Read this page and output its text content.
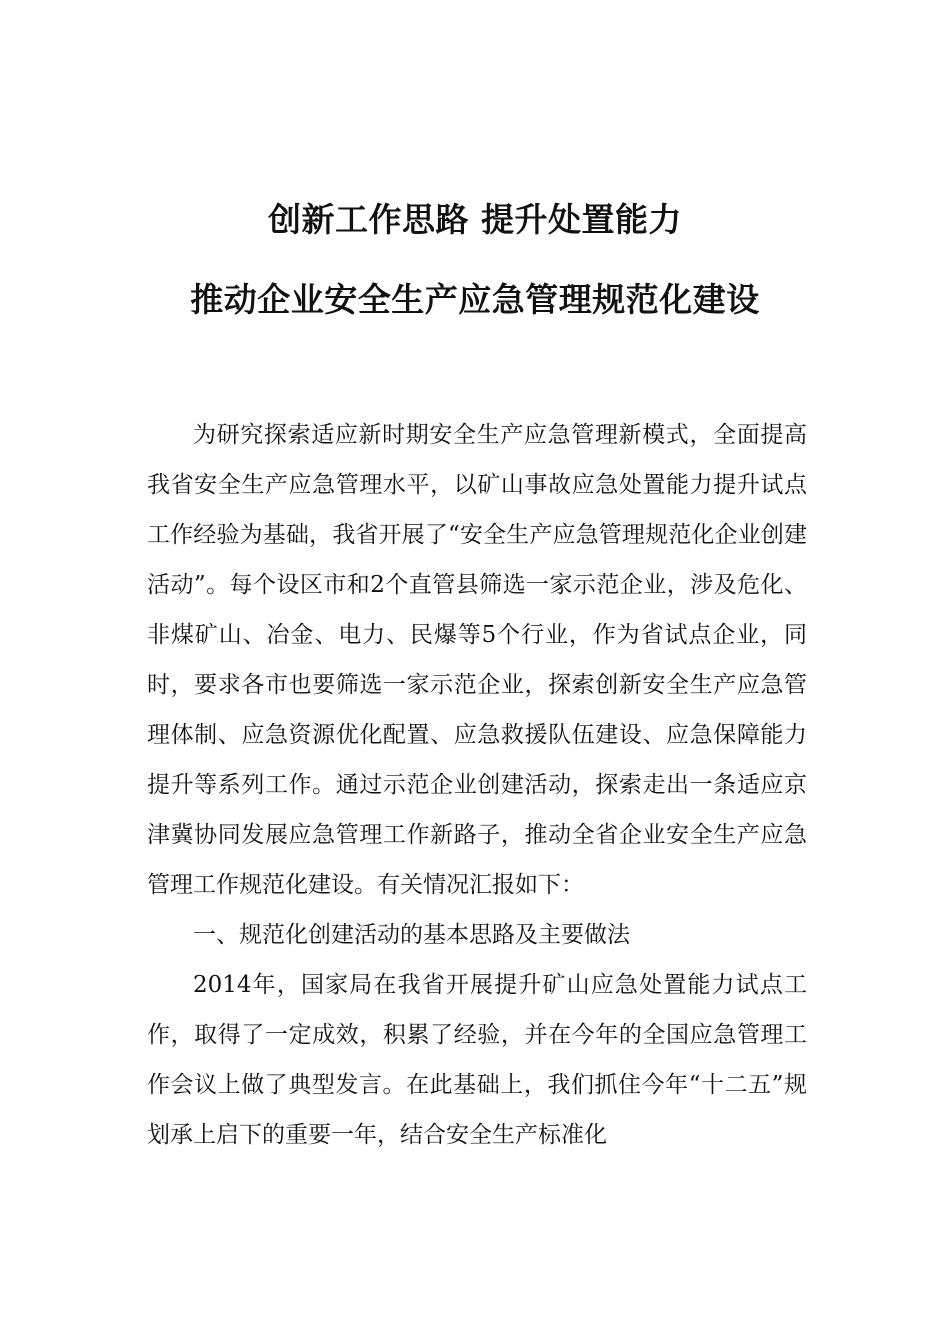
创新工作思路 提升处置能力
推动企业安全生产应急管理规范化建设

为研究探索适应新时期安全生产应急管理新模式，全面提高我省安全生产应急管理水平，以矿山事故应急处置能力提升试点工作经验为基础，我省开展了“安全生产应急管理规范化企业创建活动”。每个设区市和2个直管县筛选一家示范企业，涉及危化、非煤矿山、冶金、电力、民爆等5个行业，作为省试点企业，同时，要求各市也要筛选一家示范企业，探索创新安全生产应急管理体制、应急资源优化配置、应急救援队伍建设、应急保障能力提升等系列工作。通过示范企业创建活动，探索走出一条适应京津冀协同发展应急管理工作新路子，推动全省企业安全生产应急管理工作规范化建设。有关情况汇报如下：

一、规范化创建活动的基本思路及主要做法

2014年，国家局在我省开展提升矿山应急处置能力试点工作，取得了一定成效，积累了经验，并在今年的全国应急管理工作会议上做了典型发言。在此基础上，我们抓住今年“十二五”规划承上启下的重要一年，结合安全生产标准化
